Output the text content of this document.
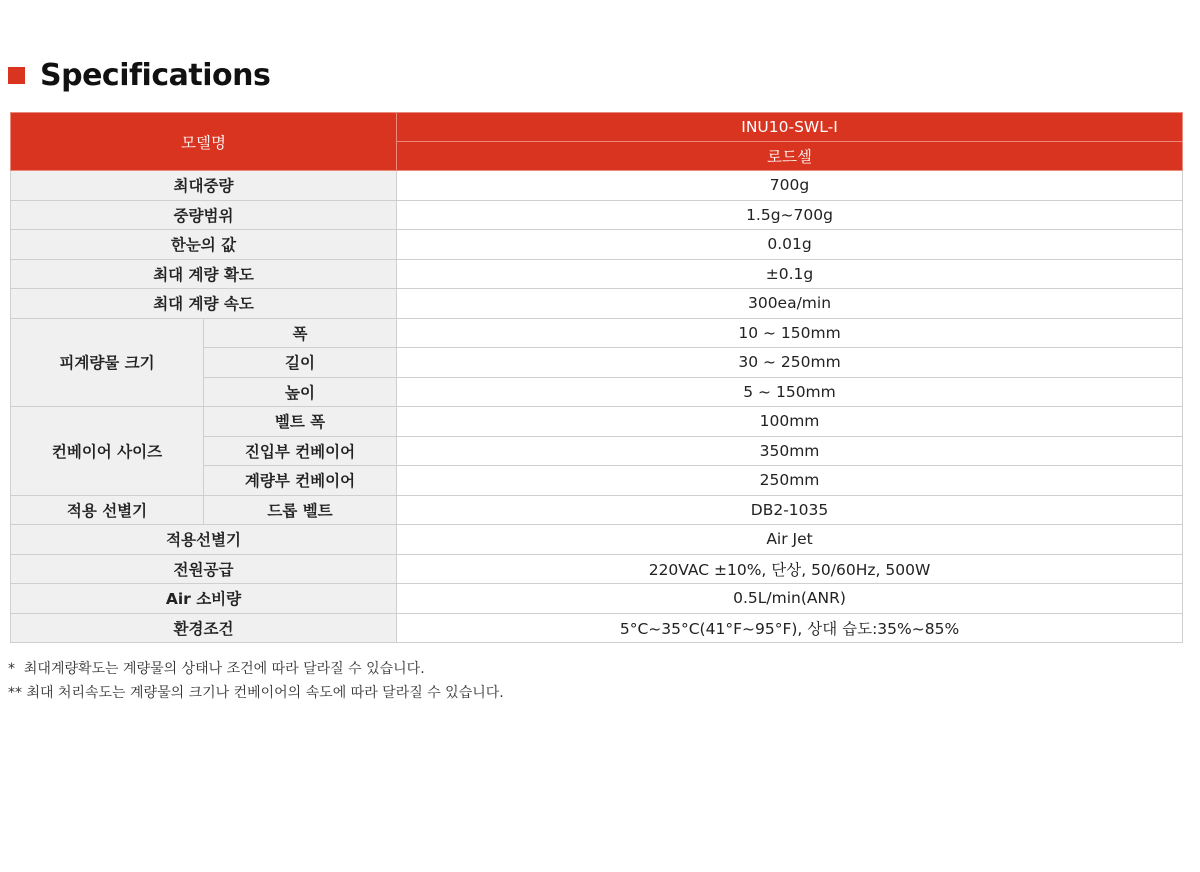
Specifications
모델명		INU10-SWL-I
		로드셀
최대중량		700g
중량범위		1.5g~700g
한눈의 값		0.01g
최대 계량 확도		±0.1g
최대 계량 속도		300ea/min
피계량물 크기	폭	10 ~ 150mm
	길이	30 ~ 250mm
	높이	5 ~ 150mm
컨베이어 사이즈	벨트 폭	100mm
	진입부 컨베이어	350mm
	계량부 컨베이어	250mm
적용 선별기	드롭 벨트	DB2-1035
적용선별기		Air Jet
전원공급		220VAC ±10%, 단상, 50/60Hz, 500W
Air 소비량		0.5L/min(ANR)
환경조건		5°C~35°C(41°F~95°F), 상대 습도:35%~85%
*  최대계량확도는 계량물의 상태나 조건에 따라 달라질 수 있습니다.
** 최대 처리속도는 계량물의 크기나 컨베이어의 속도에 따라 달라질 수 있습니다.
